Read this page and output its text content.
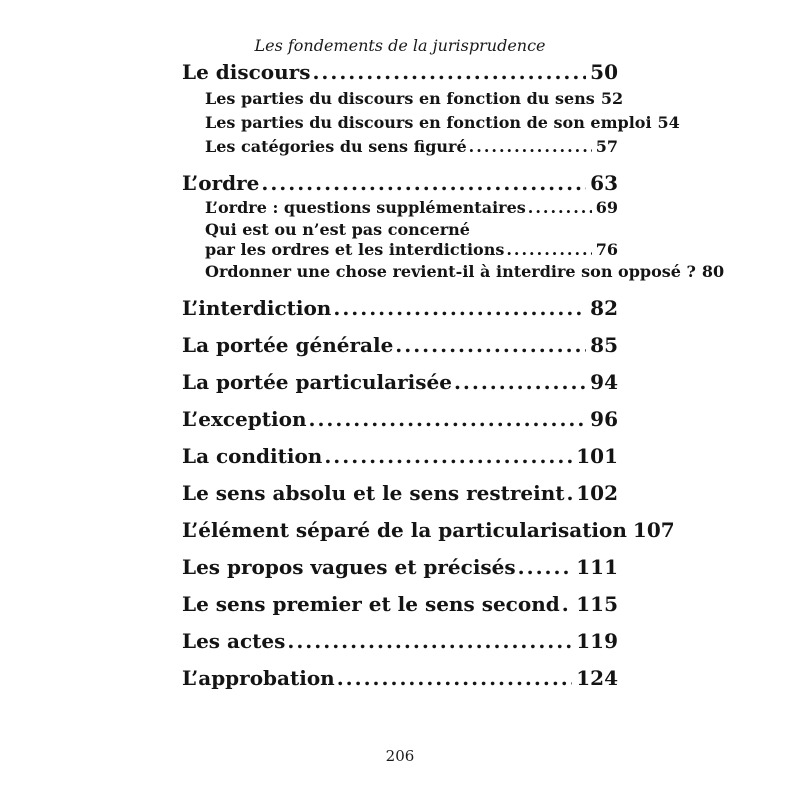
Les fondements de la jurisprudence
Le discours .....	50
Les parties du discours en fonction du sens 52
Les parties du discours en fonction de son emploi 54
Les catégories du sens figuré .....	57
L’ordre .....	63
L’ordre : questions supplémentaires .....	69
Qui est ou n’est pas concerné
par les ordres et les interdictions .....	76
Ordonner une chose revient-il à interdire son opposé ? 80
L’interdiction .....	82
La portée générale .....	85
La portée particularisée .....	94
L’exception .....	96
La condition .....	101
Le sens absolu et le sens restreint ..... 102
L’élément séparé de la particularisation 107
Les propos vagues et précisés .....	111
Le sens premier et le sens second ..... 115
Les actes .....	119
L’approbation .....	124
206
